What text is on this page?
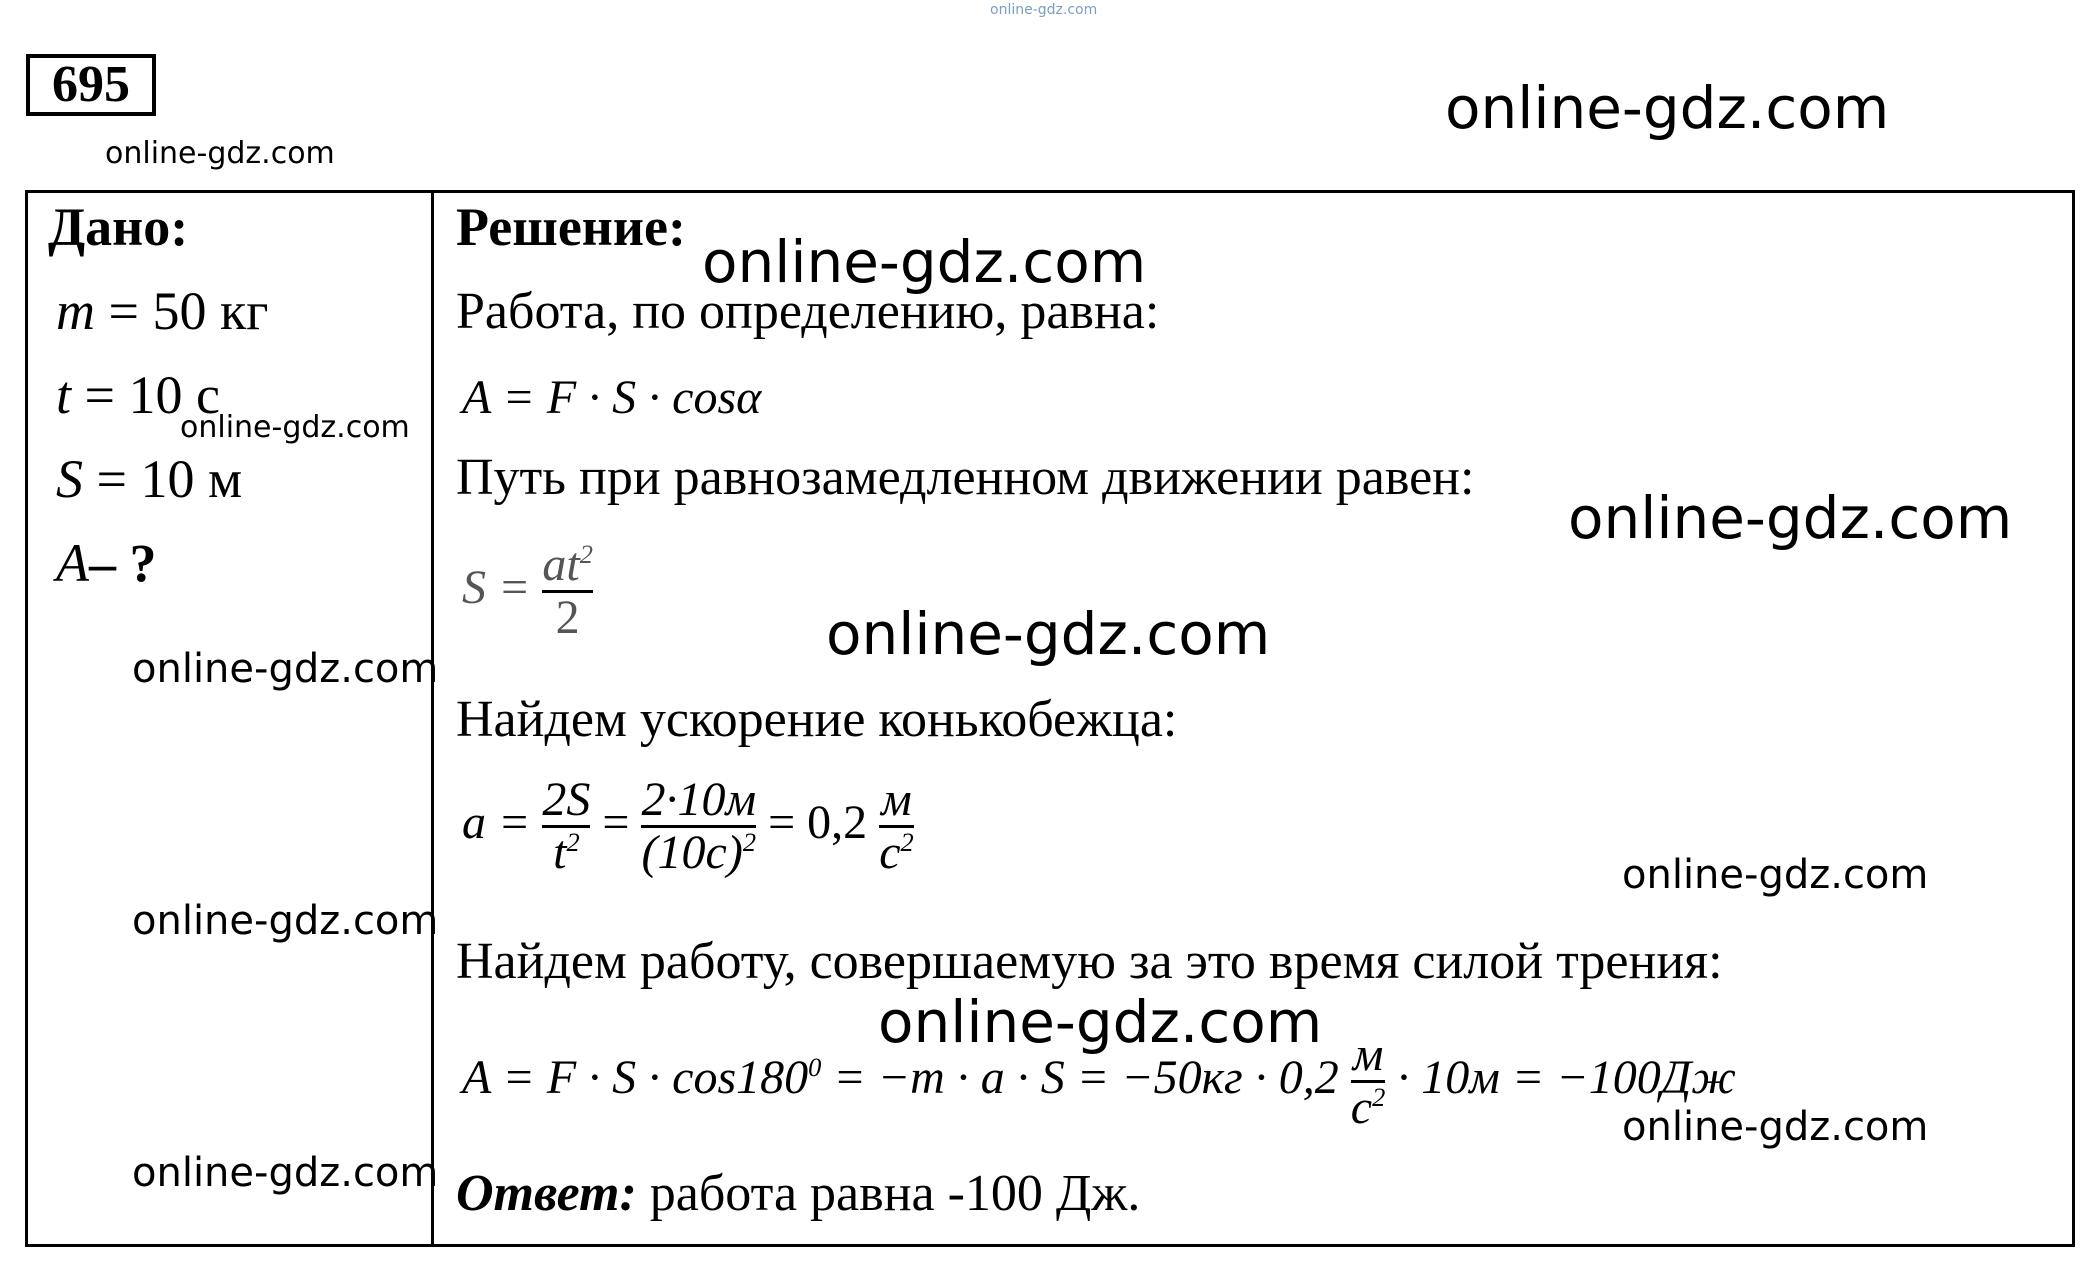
online-gdz.com
695
online-gdz.com
online-gdz.com
Дано:
m = 50 кг
t = 10 с
S = 10 м
A– ?
online-gdz.com
online-gdz.com
online-gdz.com
online-gdz.com
Решение:
online-gdz.com
Работа, по определению, равна:
A = F · S · cosα
Путь при равнозамедленном движении равен:
online-gdz.com
$S = \frac{at^2}{2}$	online-gdz.com
Найдем ускорение конькобежца:
$a = \frac{2S}{t^2} = \frac{2\cdot 10м}{(10с)^2} = 0,2 \frac{м}{с^2}$	online-gdz.com
Найдем работу, совершаемую за это время силой трения:
online-gdz.com
$A = F \cdot S \cdot \cos 180^0 = -m \cdot a \cdot S = -50кг \cdot 0,2 \frac{м}{с^2} \cdot 10м = -100Дж$
online-gdz.com
Ответ: работа равна -100 Дж.
